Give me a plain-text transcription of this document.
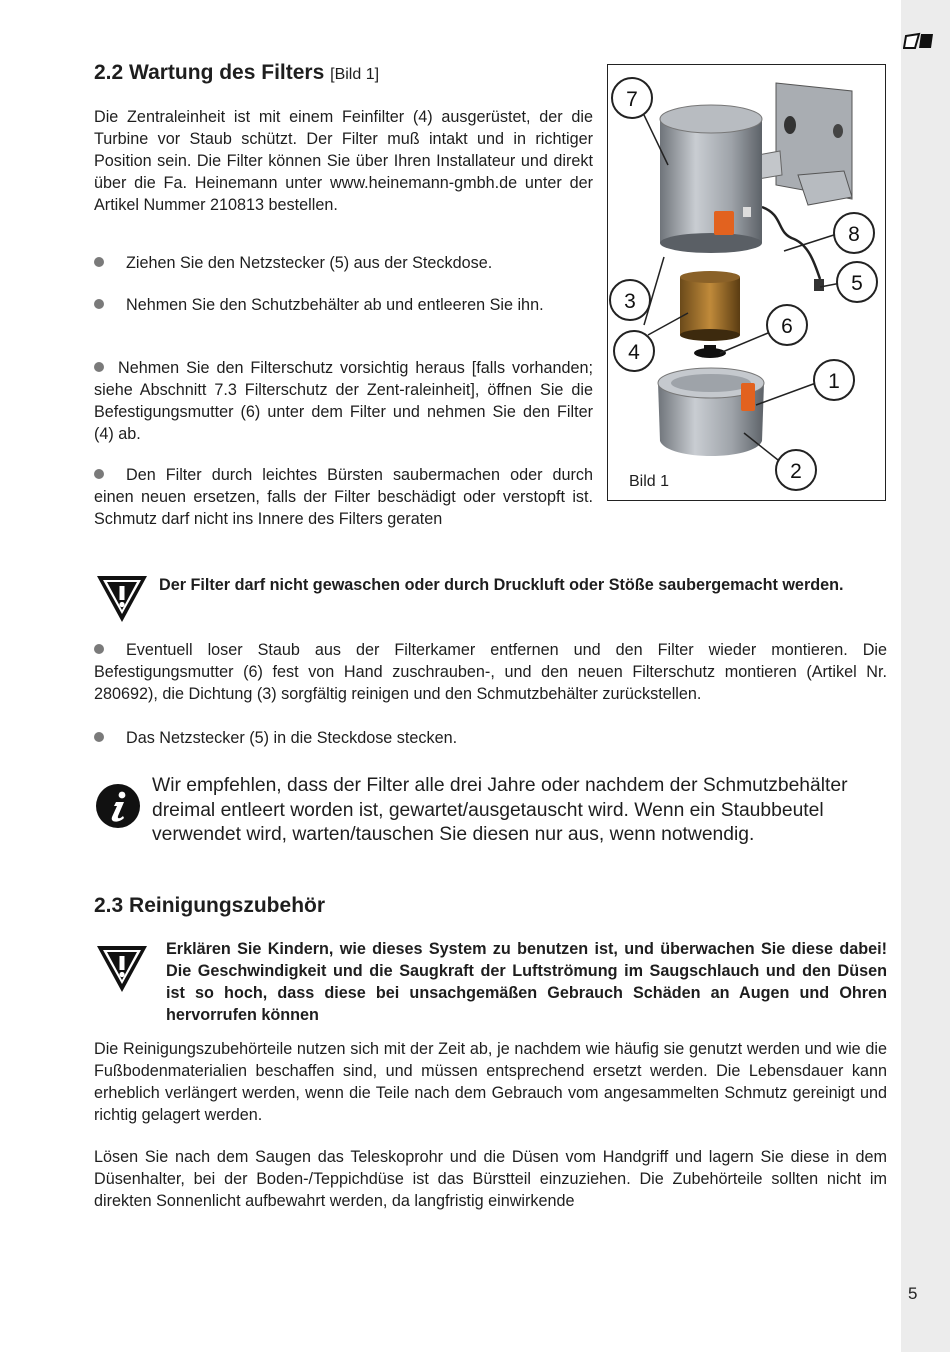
5
2.2 Wartung des Filters [Bild 1]

Die Zentraleinheit ist mit einem Feinfilter (4) ausgerüstet, der die Turbine vor Staub schützt. Der Filter muß intakt und in richtiger Position sein. Die Filter können Sie über Ihren Installateur und direkt über die Fa. Heinemann unter www.heinemann-gmbh.de unter der Artikel Nummer 210813 bestellen.

Ziehen Sie den Netzstecker (5) aus der Steckdose.

Nehmen Sie den Schutzbehälter ab und entleeren Sie ihn.

Nehmen Sie den Filterschutz vorsichtig heraus [falls vorhanden; siehe Abschnitt 7.3 Filterschutz der Zent-raleinheit], öffnen Sie die Befestigungsmutter (6) unter dem Filter und nehmen Sie den Filter (4) ab.

Den Filter durch leichtes Bürsten saubermachen oder durch einen neuen ersetzen, falls der Filter beschädigt oder verstopft ist. Schmutz darf nicht ins Innere des Filters geraten

7
8
5
3
6
4
1
2
Bild 1

Der Filter darf nicht gewaschen oder durch Druckluft oder Stöße saubergemacht werden.

Eventuell loser Staub aus der Filterkamer entfernen und den Filter wieder montieren. Die Befestigungsmutter (6) fest von Hand zuschrauben-, und den neuen Filterschutz montieren (Artikel Nr. 280692), die Dichtung (3) sorgfältig reinigen und den Schmutzbehälter zurückstellen.

Das Netzstecker (5) in die Steckdose stecken.

Wir empfehlen, dass der Filter alle drei Jahre oder nachdem der Schmutzbehälter dreimal entleert worden ist, gewartet/ausgetauscht wird. Wenn ein Staubbeutel verwendet wird, warten/tauschen Sie diesen nur aus, wenn notwendig.

2.3 Reinigungszubehör

Erklären Sie Kindern, wie dieses System zu benutzen ist, und überwachen Sie diese dabei! Die Geschwindigkeit und die Saugkraft der Luftströmung im Saugschlauch und den Düsen ist so hoch, dass diese bei unsachgemäßen Gebrauch Schäden an Augen und Ohren hervorrufen können

Die Reinigungszubehörteile nutzen sich mit der Zeit ab, je nachdem wie häufig sie genutzt werden und wie die Fußbodenmaterialien beschaffen sind, und müssen entsprechend ersetzt werden. Die Lebensdauer kann erheblich verlängert werden, wenn die Teile nach dem Gebrauch vom angesammelten Schmutz gereinigt und richtig gelagert werden.

Lösen Sie nach dem Saugen das Teleskoprohr und die Düsen vom Handgriff und lagern Sie diese in dem Düsenhalter, bei der Boden-/Teppichdüse ist das Bürstteil einzuziehen. Die Zubehörteile sollten nicht im direkten Sonnenlicht aufbewahrt werden, da langfristig einwirkende
